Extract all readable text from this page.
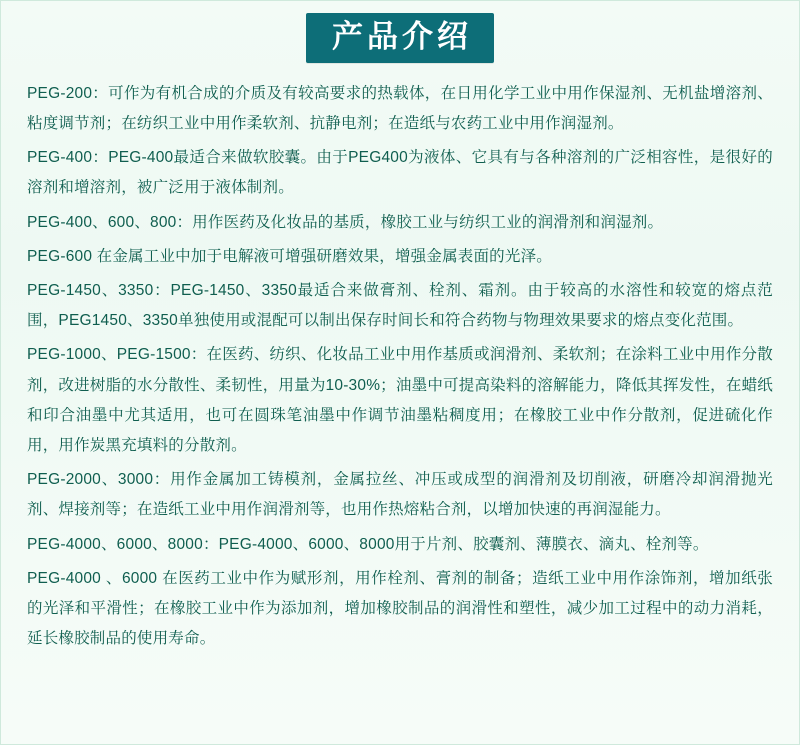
产品介绍

PEG-200：可作为有机合成的介质及有较高要求的热载体，在日用化学工业中用作保湿剂、无机盐增溶剂、粘度调节剂；在纺织工业中用作柔软剂、抗静电剂；在造纸与农药工业中用作润湿剂。

PEG-400：PEG-400最适合来做软胶囊。由于PEG400为液体、它具有与各种溶剂的广泛相容性，是很好的溶剂和增溶剂，被广泛用于液体制剂。

PEG-400、600、800：用作医药及化妆品的基质，橡胶工业与纺织工业的润滑剂和润湿剂。

PEG-600 在金属工业中加于电解液可增强研磨效果，增强金属表面的光泽。

PEG-1450、3350：PEG-1450、3350最适合来做膏剂、栓剂、霜剂。由于较高的水溶性和较宽的熔点范围，PEG1450、3350单独使用或混配可以制出保存时间长和符合药物与物理效果要求的熔点变化范围。

PEG-1000、PEG-1500：在医药、纺织、化妆品工业中用作基质或润滑剂、柔软剂；在涂料工业中用作分散剂，改进树脂的水分散性、柔韧性，用量为10-30%；油墨中可提高染料的溶解能力，降低其挥发性，在蜡纸和印合油墨中尤其适用，也可在圆珠笔油墨中作调节油墨粘稠度用；在橡胶工业中作分散剂，促进硫化作用，用作炭黑充填料的分散剂。

PEG-2000、3000：用作金属加工铸模剂，金属拉丝、冲压或成型的润滑剂及切削液，研磨冷却润滑抛光剂、焊接剂等；在造纸工业中用作润滑剂等，也用作热熔粘合剂，以增加快速的再润湿能力。

PEG-4000、6000、8000：PEG-4000、6000、8000用于片剂、胶囊剂、薄膜衣、滴丸、栓剂等。

PEG-4000 、6000 在医药工业中作为赋形剂，用作栓剂、膏剂的制备；造纸工业中用作涂饰剂，增加纸张的光泽和平滑性；在橡胶工业中作为添加剂，增加橡胶制品的润滑性和塑性，减少加工过程中的动力消耗，延长橡胶制品的使用寿命。
